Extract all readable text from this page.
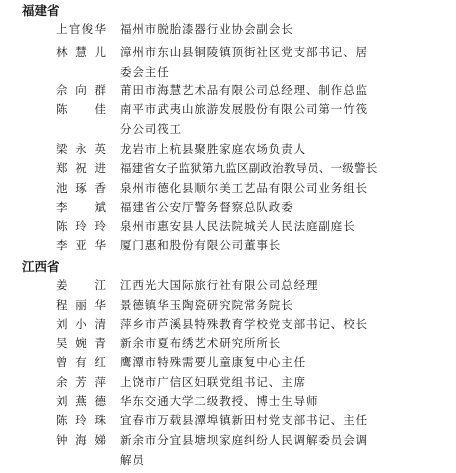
福建省
上官俊华 福州市脱胎漆器行业协会副会长
林慧儿 漳州市东山县铜陵镇顶街社区党支部书记、居
委会主任
佘向群 莆田市海慧艺术品有限公司总经理、制作总监
陈佳 南平市武夷山旅游发展股份有限公司第一竹筏
分公司筏工
梁永英 龙岩市上杭县聚胜家庭农场负责人
郑祝进 福建省女子监狱第九监区副政治教导员、一级警长
池琢香 泉州市德化县顺尔美工艺品有限公司业务组长
李斌 福建省公安厅警务督察总队政委
陈玲玲 泉州市惠安县人民法院城关人民法庭副庭长
李亚华 厦门惠和股份有限公司董事长
江西省
姜江 江西光大国际旅行社有限公司总经理
程丽华 景德镇华玉陶瓷研究院常务院长
刘小清 萍乡市芦溪县特殊教育学校党支部书记、校长
吴婉青 新余市夏布绣艺术研究所所长
曾有红 鹰潭市特殊需要儿童康复中心主任
余芳萍 上饶市广信区妇联党组书记、主席
刘燕德 华东交通大学二级教授、博士生导师
陈玲珠 宜春市万载县潭埠镇新田村党支部书记、主任
钟海娣 新余市分宜县塘坝家庭纠纷人民调解委员会调
解员
